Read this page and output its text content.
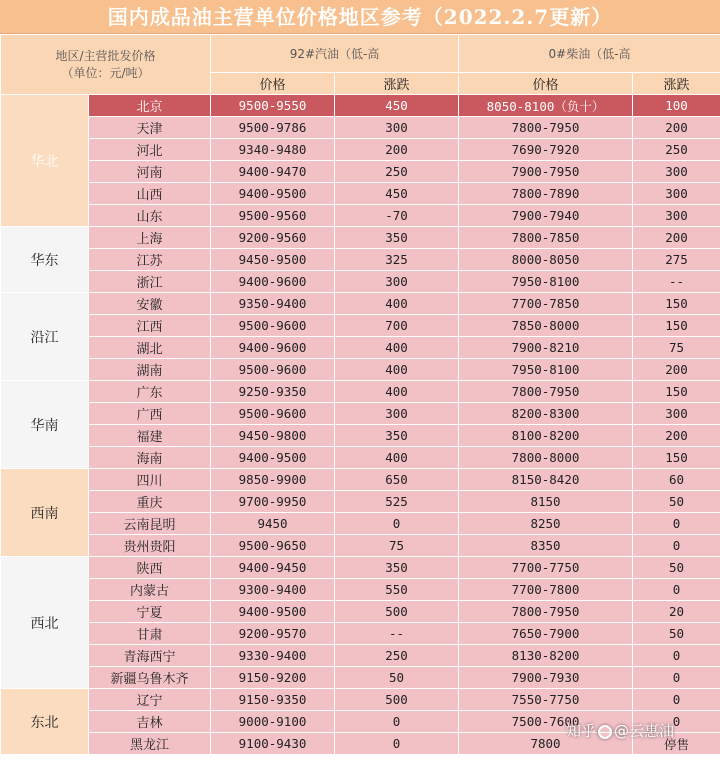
国内成品油主营单位价格地区参考（2022.2.7更新）
地区/主营批发价格
（单位：元/吨）		92#汽油（低-高		0#柴油（低-高	
		价格	涨跌	价格	涨跌
华北	北京	9500-9550	450	8050-8100（负十）	100
	天津	9500-9786	300	7800-7950	200
	河北	9340-9480	200	7690-7920	250
	河南	9400-9470	250	7900-7950	300
	山西	9400-9500	450	7800-7890	300
	山东	9500-9560	-70	7900-7940	300
华东	上海	9200-9560	350	7800-7850	200
	江苏	9450-9500	325	8000-8050	275
	浙江	9400-9600	300	7950-8100	--
沿江	安徽	9350-9400	400	7700-7850	150
	江西	9500-9600	700	7850-8000	150
	湖北	9400-9600	400	7900-8210	75
	湖南	9500-9600	400	7950-8100	200
华南	广东	9250-9350	400	7800-7950	150
	广西	9500-9600	300	8200-8300	300
	福建	9450-9800	350	8100-8200	200
	海南	9400-9500	400	7800-8000	150
西南	四川	9850-9900	650	8150-8420	60
	重庆	9700-9950	525	8150	50
	云南昆明	9450	0	8250	0
	贵州贵阳	9500-9650	75	8350	0
西北	陕西	9400-9450	350	7700-7750	50
	内蒙古	9300-9400	550	7700-7800	0
	宁夏	9400-9500	500	7800-7950	20
	甘肃	9200-9570	--	7650-7900	50
	青海西宁	9330-9400	250	8130-8200	0
	新疆乌鲁木齐	9150-9200	50	7900-7930	0
东北	辽宁	9150-9350	500	7550-7750	0
	吉林	9000-9100	0	7500-7600	0
	黑龙江	9100-9430	0	7800	停售
知乎 @云惠油
